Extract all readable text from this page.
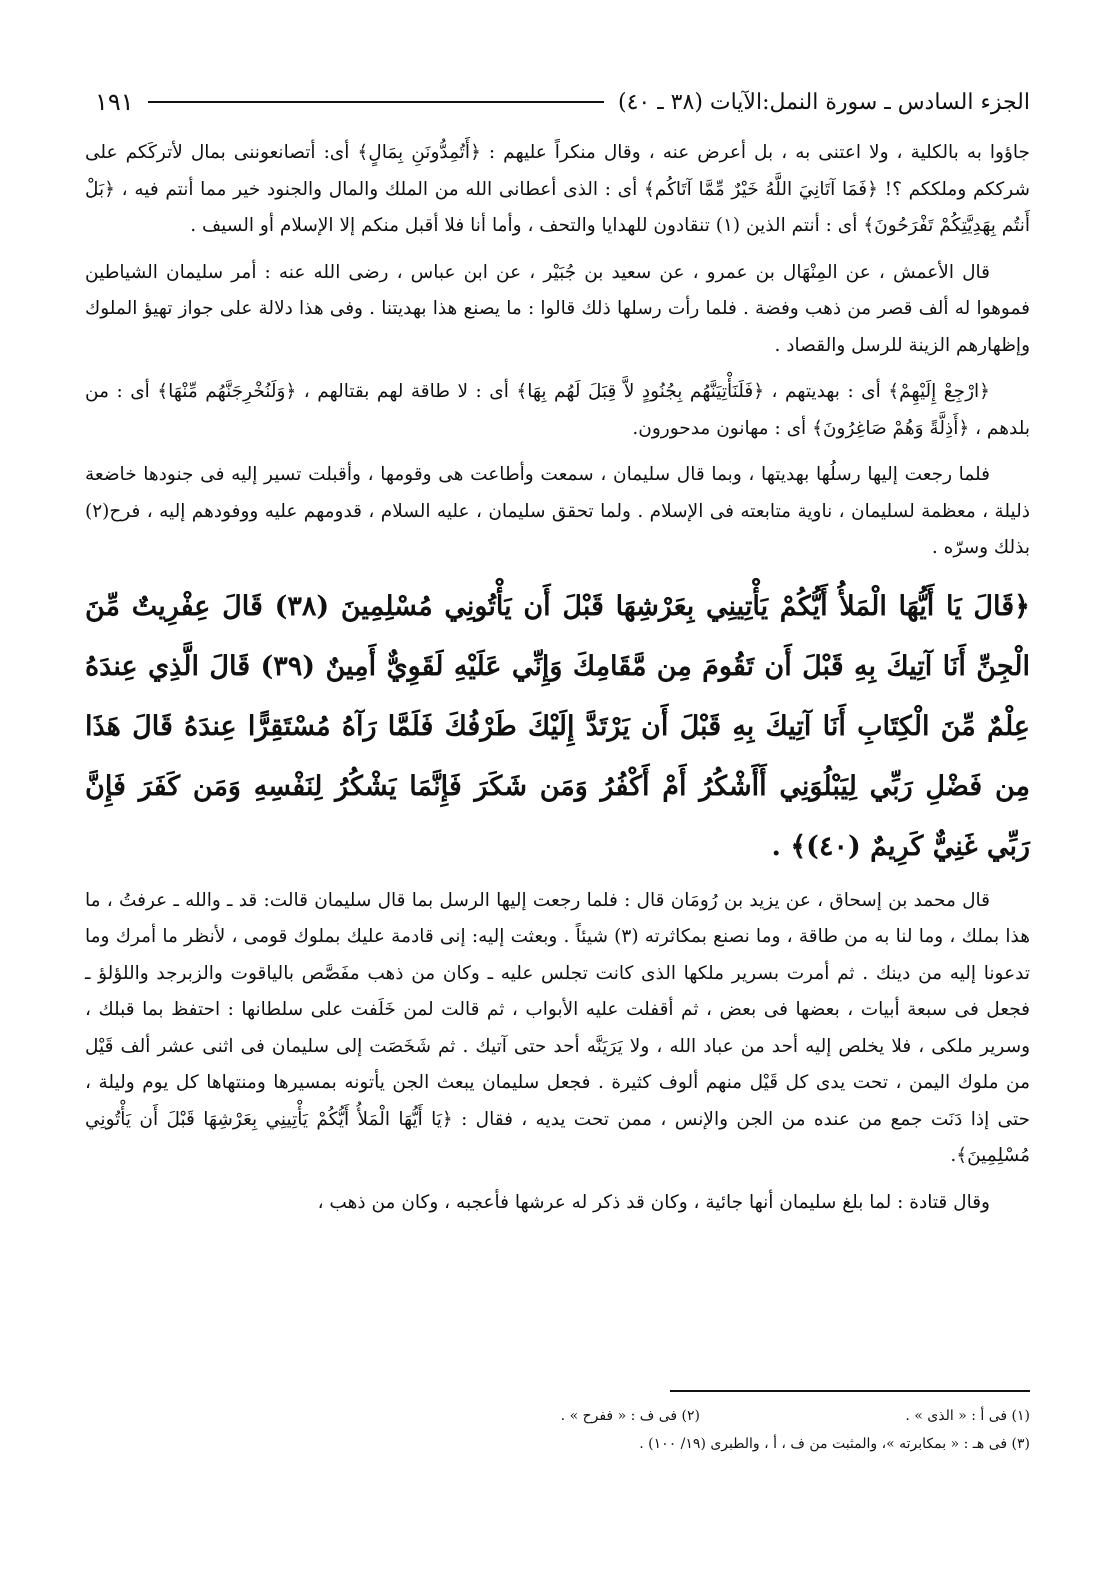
الجزء السادس ـ سورة النمل:الآيات (٣٨ ـ ٤٠)
١٩١

جاؤوا به بالكلية ، ولا اعتنى به ، بل أعرض عنه ، وقال منكراً عليهم : ﴿أَتُمِدُّونَنِ بِمَالٍ﴾ أى: أتصانعوننى بمال لأتركَكم على شرككم وملككم ؟! ﴿فَمَا آتَانِيَ اللَّهُ خَيْرٌ مِّمَّا آتَاكُم﴾ أى : الذى أعطانى الله من الملك والمال والجنود خير مما أنتم فيه ، ﴿بَلْ أَنتُم بِهَدِيَّتِكُمْ تَفْرَحُونَ﴾ أى : أنتم الذين (١) تنقادون للهدايا والتحف ، وأما أنا فلا أقبل منكم إلا الإسلام أو السيف .

قال الأعمش ، عن المِنْهَال بن عمرو ، عن سعيد بن جُبَيْر ، عن ابن عباس ، رضى الله عنه : أمر سليمان الشياطين فموهوا له ألف قصر من ذهب وفضة . فلما رأت رسلها ذلك قالوا : ما يصنع هذا بهديتنا . وفى هذا دلالة على جواز تهيؤ الملوك وإظهارهم الزينة للرسل والقصاد .

﴿ارْجِعْ إِلَيْهِمْ﴾ أى : بهديتهم ، ﴿فَلَنَأْتِيَنَّهُم بِجُنُودٍ لاَّ قِبَلَ لَهُم بِهَا﴾ أى : لا طاقة لهم بقتالهم ، ﴿وَلَنُخْرِجَنَّهُم مِّنْهَا﴾ أى : من بلدهم ، ﴿أَذِلَّةً وَهُمْ صَاغِرُونَ﴾ أى : مهانون مدحورون.

فلما رجعت إليها رسلُها بهديتها ، وبما قال سليمان ، سمعت وأطاعت هى وقومها ، وأقبلت تسير إليه فى جنودها خاضعة ذليلة ، معظمة لسليمان ، ناوية متابعته فى الإسلام . ولما تحقق سليمان ، عليه السلام ، قدومهم عليه ووفودهم إليه ، فرح(٢) بذلك وسرّه .

﴿قَالَ يَا أَيُّهَا الْمَلأُ أَيُّكُمْ يَأْتِينِي بِعَرْشِهَا قَبْلَ أَن يَأْتُونِي مُسْلِمِينَ (٣٨) قَالَ عِفْرِيتٌ مِّنَ الْجِنِّ أَنَا آتِيكَ بِهِ قَبْلَ أَن تَقُومَ مِن مَّقَامِكَ وَإِنِّي عَلَيْهِ لَقَوِيٌّ أَمِينٌ (٣٩) قَالَ الَّذِي عِندَهُ عِلْمٌ مِّنَ الْكِتَابِ أَنَا آتِيكَ بِهِ قَبْلَ أَن يَرْتَدَّ إِلَيْكَ طَرْفُكَ فَلَمَّا رَآهُ مُسْتَقِرًّا عِندَهُ قَالَ هَذَا مِن فَضْلِ رَبِّي لِيَبْلُوَنِي أَأَشْكُرُ أَمْ أَكْفُرُ وَمَن شَكَرَ فَإِنَّمَا يَشْكُرُ لِنَفْسِهِ وَمَن كَفَرَ فَإِنَّ رَبِّي غَنِيٌّ كَرِيمٌ (٤٠)﴾ .

قال محمد بن إسحاق ، عن يزيد بن رُومَان قال : فلما رجعت إليها الرسل بما قال سليمان قالت: قد ـ والله ـ عرفتُ ، ما هذا بملك ، وما لنا به من طاقة ، وما نصنع بمكاثرته (٣) شيئاً . وبعثت إليه: إنى قادمة عليك بملوك قومى ، لأنظر ما أمرك وما تدعونا إليه من دينك . ثم أمرت بسرير ملكها الذى كانت تجلس عليه ـ وكان من ذهب مفَصَّص بالياقوت والزبرجد واللؤلؤ ـ فجعل فى سبعة أبيات ، بعضها فى بعض ، ثم أقفلت عليه الأبواب ، ثم قالت لمن خَلَفت على سلطانها : احتفظ بما قبلك ، وسرير ملكى ، فلا يخلص إليه أحد من عباد الله ، ولا يَرَيَنَّه أحد حتى آتيك . ثم شَخَصَت إلى سليمان فى اثنى عشر ألف قَيْل من ملوك اليمن ، تحت يدى كل قَيْل منهم ألوف كثيرة . فجعل سليمان يبعث الجن يأتونه بمسيرها ومنتهاها كل يوم وليلة ، حتى إذا دَنَت جمع من عنده من الجن والإنس ، ممن تحت يديه ، فقال : ﴿يَا أَيُّهَا الْمَلأُ أَيُّكُمْ يَأْتِينِي بِعَرْشِهَا قَبْلَ أَن يَأْتُونِي مُسْلِمِينَ﴾.

وقال قتادة : لما بلغ سليمان أنها جائية ، وكان قد ذكر له عرشها فأعجبه ، وكان من ذهب ،

(١) فى أ : « الذى » .
(٢) فى ف : « ففرح » .
(٣) فى هـ : « بمكابرته »، والمثبت من ف ، أ ، والطبرى (١٩/ ١٠٠) .
